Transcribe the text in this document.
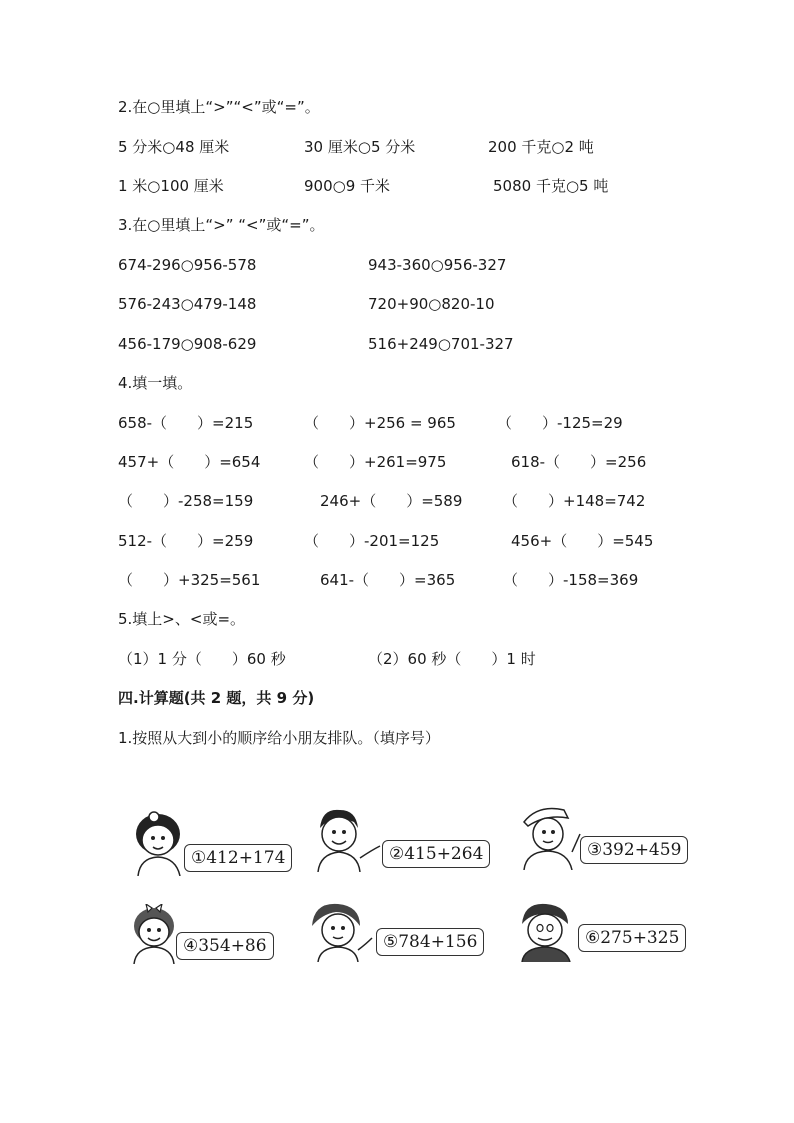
2.在○里填上“>”“<”或“=”。
5 分米○48 厘米	30 厘米○5 分米	200 千克○2 吨
1 米○100 厘米	900○9 千米	5080 千克○5 吨
3.在○里填上“>” “<”或“=”。
674-296○956-578	943-360○956-327
576-243○479-148	720+90○820-10
456-179○908-629	516+249○701-327
4.填一填。
658-（　　）=215	（　　）+256 = 965	（　　）-125=29
457+（　　）=654	（　　）+261=975	618-（　　）=256
（　　）-258=159	246+（　　）=589	（　　）+148=742
512-（　　）=259	（　　）-201=125	456+（　　）=545
（　　）+325=561	641-（　　）=365	（　　）-158=369
5.填上>、<或=。
（1）1 分（　　）60 秒	（2）60 秒（　　）1 时
四.计算题(共 2 题，共 9 分)
1.按照从大到小的顺序给小朋友排队。（填序号）
①412+174	②415+264	③392+459
④354+86	⑤784+156	⑥275+325
